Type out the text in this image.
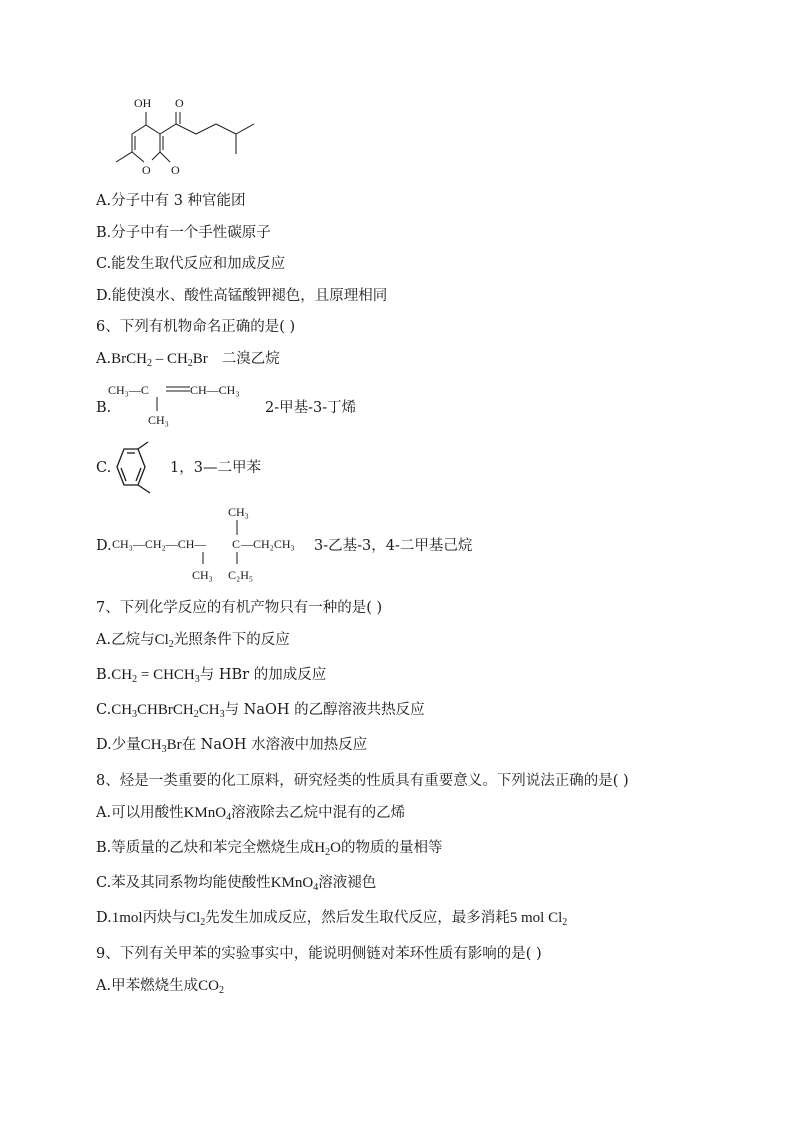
OH O
O O
A.分子中有 3 种官能团
B.分子中有一个手性碳原子
C.能发生取代反应和加成反应
D.能使溴水、酸性高锰酸钾褪色，且原理相同
6、下列有机物命名正确的是( )
A.BrCH$_2$ – $CH_2Br$ 二溴乙烷
B.
CH₃—C	CH—CH₃
CH₃
2-甲基-3-丁烯
C.	1，3—二甲苯
D.
CH₃
CH₃—CH₂—CH— C —CH₂CH₃
CH₃ C₂H₅
3-乙基-3，4-二甲基己烷
7、下列化学反应的有机产物只有一种的是( )
A.乙烷与$Cl_2$光照条件下的反应
$B.CH_2$ = $CHCH_3$与 HBr 的加成反应
$C.CH_3CHBrCH_2CH_3$与 NaOH 的乙醇溶液共热反应
D.少量$CH_3Br$在 NaOH 水溶液中加热反应
8、烃是一类重要的化工原料，研究烃类的性质具有重要意义。下列说法正确的是( )
A.可以用酸性KMnO$_4$溶液除去乙烷中混有的乙烯
B.等质量的乙炔和苯完全燃烧生成$H_2O$的物质的量相等
C.苯及其同系物均能使酸性KMnO$_4$溶液褪色
D.1mol丙炔与$Cl_2$先发生加成反应，然后发生取代反应，最多消耗5 mol $Cl_2$
9、下列有关甲苯的实验事实中，能说明侧链对苯环性质有影响的是( )
A.甲苯燃烧生成$CO_2$
